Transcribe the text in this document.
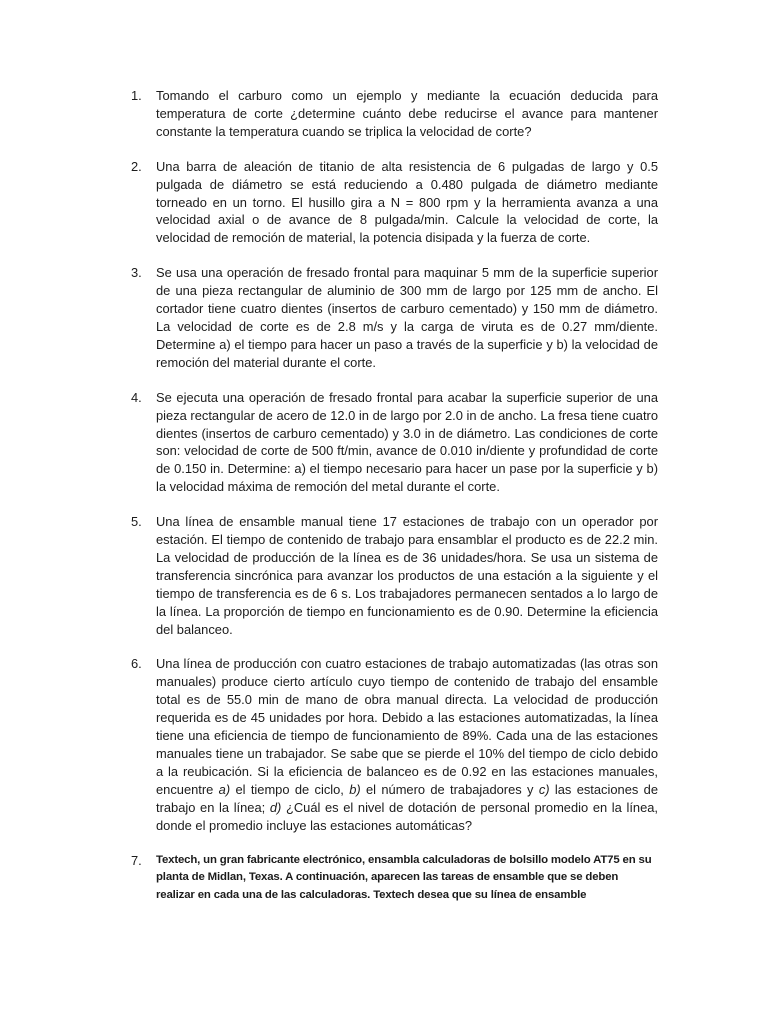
1.	Tomando el carburo como un ejemplo y mediante la ecuación deducida para temperatura de corte ¿determine cuánto debe reducirse el avance para mantener constante la temperatura cuando se triplica la velocidad de corte?
2.	Una barra de aleación de titanio de alta resistencia de 6 pulgadas de largo y 0.5 pulgada de diámetro se está reduciendo a 0.480 pulgada de diámetro mediante torneado en un torno. El husillo gira a N = 800 rpm y la herramienta avanza a una velocidad axial o de avance de 8 pulgada/min. Calcule la velocidad de corte, la velocidad de remoción de material, la potencia disipada y la fuerza de corte.
3.	Se usa una operación de fresado frontal para maquinar 5 mm de la superficie superior de una pieza rectangular de aluminio de 300 mm de largo por 125 mm de ancho. El cortador tiene cuatro dientes (insertos de carburo cementado) y 150 mm de diámetro. La velocidad de corte es de 2.8 m/s y la carga de viruta es de 0.27 mm/diente. Determine a) el tiempo para hacer un paso a través de la superficie y b) la velocidad de remoción del material durante el corte.
4.	Se ejecuta una operación de fresado frontal para acabar la superficie superior de una pieza rectangular de acero de 12.0 in de largo por 2.0 in de ancho. La fresa tiene cuatro dientes (insertos de carburo cementado) y 3.0 in de diámetro. Las condiciones de corte son: velocidad de corte de 500 ft/min, avance de 0.010 in/diente y profundidad de corte de 0.150 in. Determine: a) el tiempo necesario para hacer un pase por la superficie y b) la velocidad máxima de remoción del metal durante el corte.
5.	Una línea de ensamble manual tiene 17 estaciones de trabajo con un operador por estación. El tiempo de contenido de trabajo para ensamblar el producto es de 22.2 min. La velocidad de producción de la línea es de 36 unidades/hora. Se usa un sistema de transferencia sincrónica para avanzar los productos de una estación a la siguiente y el tiempo de transferencia es de 6 s. Los trabajadores permanecen sentados a lo largo de la línea. La proporción de tiempo en funcionamiento es de 0.90. Determine la eficiencia del balanceo.
6.	Una línea de producción con cuatro estaciones de trabajo automatizadas (las otras son manuales) produce cierto artículo cuyo tiempo de contenido de trabajo del ensamble total es de 55.0 min de mano de obra manual directa. La velocidad de producción requerida es de 45 unidades por hora. Debido a las estaciones automatizadas, la línea tiene una eficiencia de tiempo de funcionamiento de 89%. Cada una de las estaciones manuales tiene un trabajador. Se sabe que se pierde el 10% del tiempo de ciclo debido a la reubicación. Si la eficiencia de balanceo es de 0.92 en las estaciones manuales, encuentre a) el tiempo de ciclo, b) el número de trabajadores y c) las estaciones de trabajo en la línea; d) ¿Cuál es el nivel de dotación de personal promedio en la línea, donde el promedio incluye las estaciones automáticas?
7.	Textech, un gran fabricante electrónico, ensambla calculadoras de bolsillo modelo AT75 en su planta de Midlan, Texas. A continuación, aparecen las tareas de ensamble que se deben realizar en cada una de las calculadoras. Textech desea que su línea de ensamble
